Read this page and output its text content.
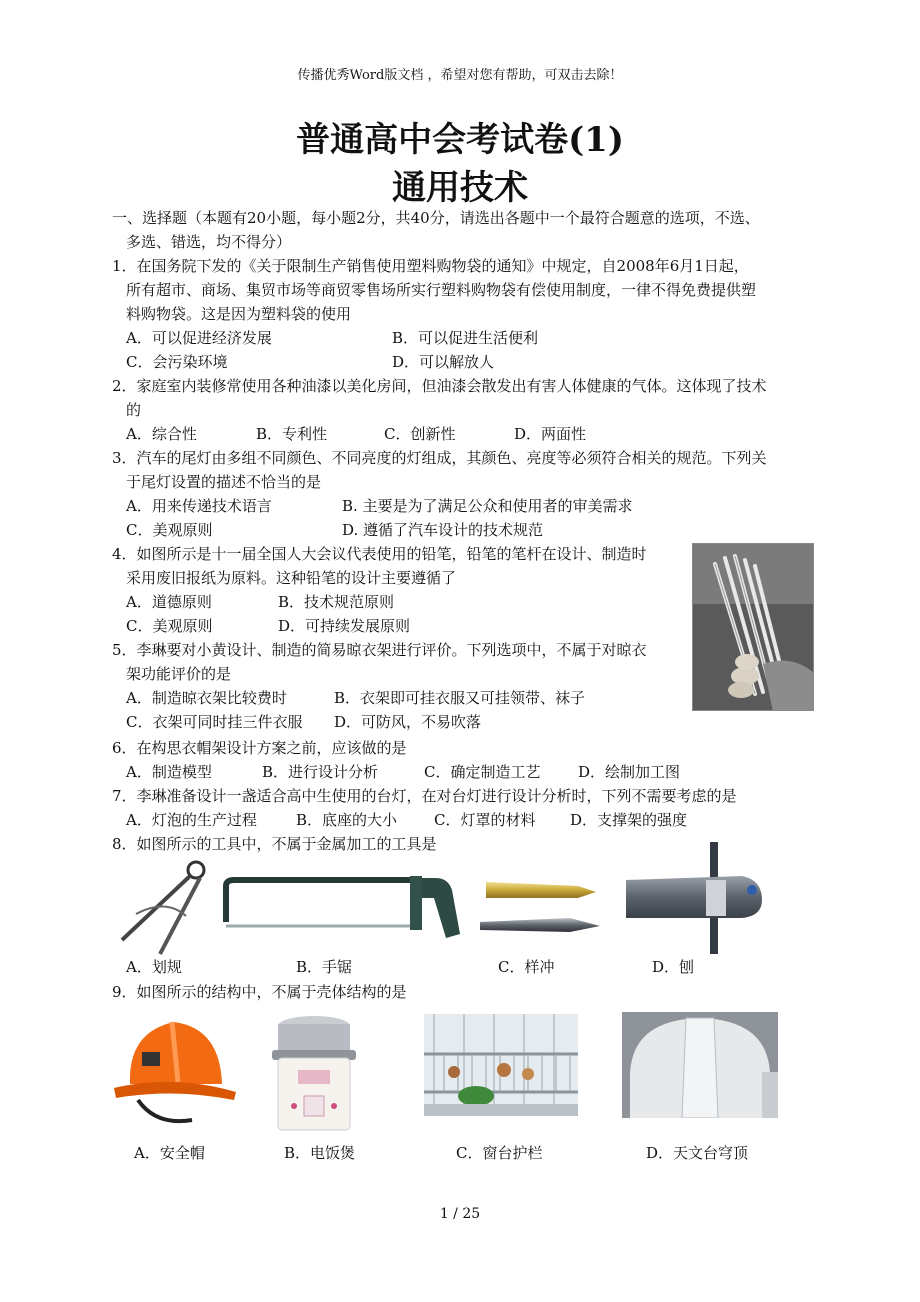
传播优秀Word版文档 ，希望对您有帮助，可双击去除！
普通高中会考试卷(1)
通用技术
一、选择题（本题有20小题，每小题2分，共40分，请选出各题中一个最符合题意的选项，不选、
多选、错选，均不得分）
1．在国务院下发的《关于限制生产销售使用塑料购物袋的通知》中规定，自2008年6月1日起，
所有超市、商场、集贸市场等商贸零售场所实行塑料购物袋有偿使用制度，一律不得免费提供塑
料购物袋。这是因为塑料袋的使用
A．可以促进经济发展	B．可以促进生活便利
C．会污染环境	D．可以解放人
2．家庭室内装修常使用各种油漆以美化房间，但油漆会散发出有害人体健康的气体。这体现了技术
的
A．综合性	B．专利性	C．创新性	D．两面性
3．汽车的尾灯由多组不同颜色、不同亮度的灯组成，其颜色、亮度等必须符合相关的规范。下列关
于尾灯设置的描述不恰当的是
A．用来传递技术语言	B. 主要是为了满足公众和使用者的审美需求
C．美观原则	D. 遵循了汽车设计的技术规范
4．如图所示是十一届全国人大会议代表使用的铅笔，铅笔的笔杆在设计、制造时
采用废旧报纸为原料。这种铅笔的设计主要遵循了
A．道德原则	B．技术规范原则
C．美观原则	D．可持续发展原则
5．李琳要对小黄设计、制造的简易晾衣架进行评价。下列选项中，不属于对晾衣
架功能评价的是
A．制造晾衣架比较费时	B．衣架即可挂衣服又可挂领带、袜子
C．衣架可同时挂三件衣服 D．可防风，不易吹落
6．在构思衣帽架设计方案之前，应该做的是
A．制造模型	B．进行设计分析	C．确定制造工艺	D．绘制加工图
7．李琳准备设计一盏适合高中生使用的台灯，在对台灯进行设计分析时，下列不需要考虑的是
A．灯泡的生产过程	B．底座的大小 C．灯罩的材料 D．支撑架的强度
8．如图所示的工具中，不属于金属加工的工具是
A．划规	B．手锯	C．样冲	D．刨
9．如图所示的结构中，不属于壳体结构的是
A．安全帽	B．电饭煲	C．窗台护栏	D．天文台穹顶
1 / 25
